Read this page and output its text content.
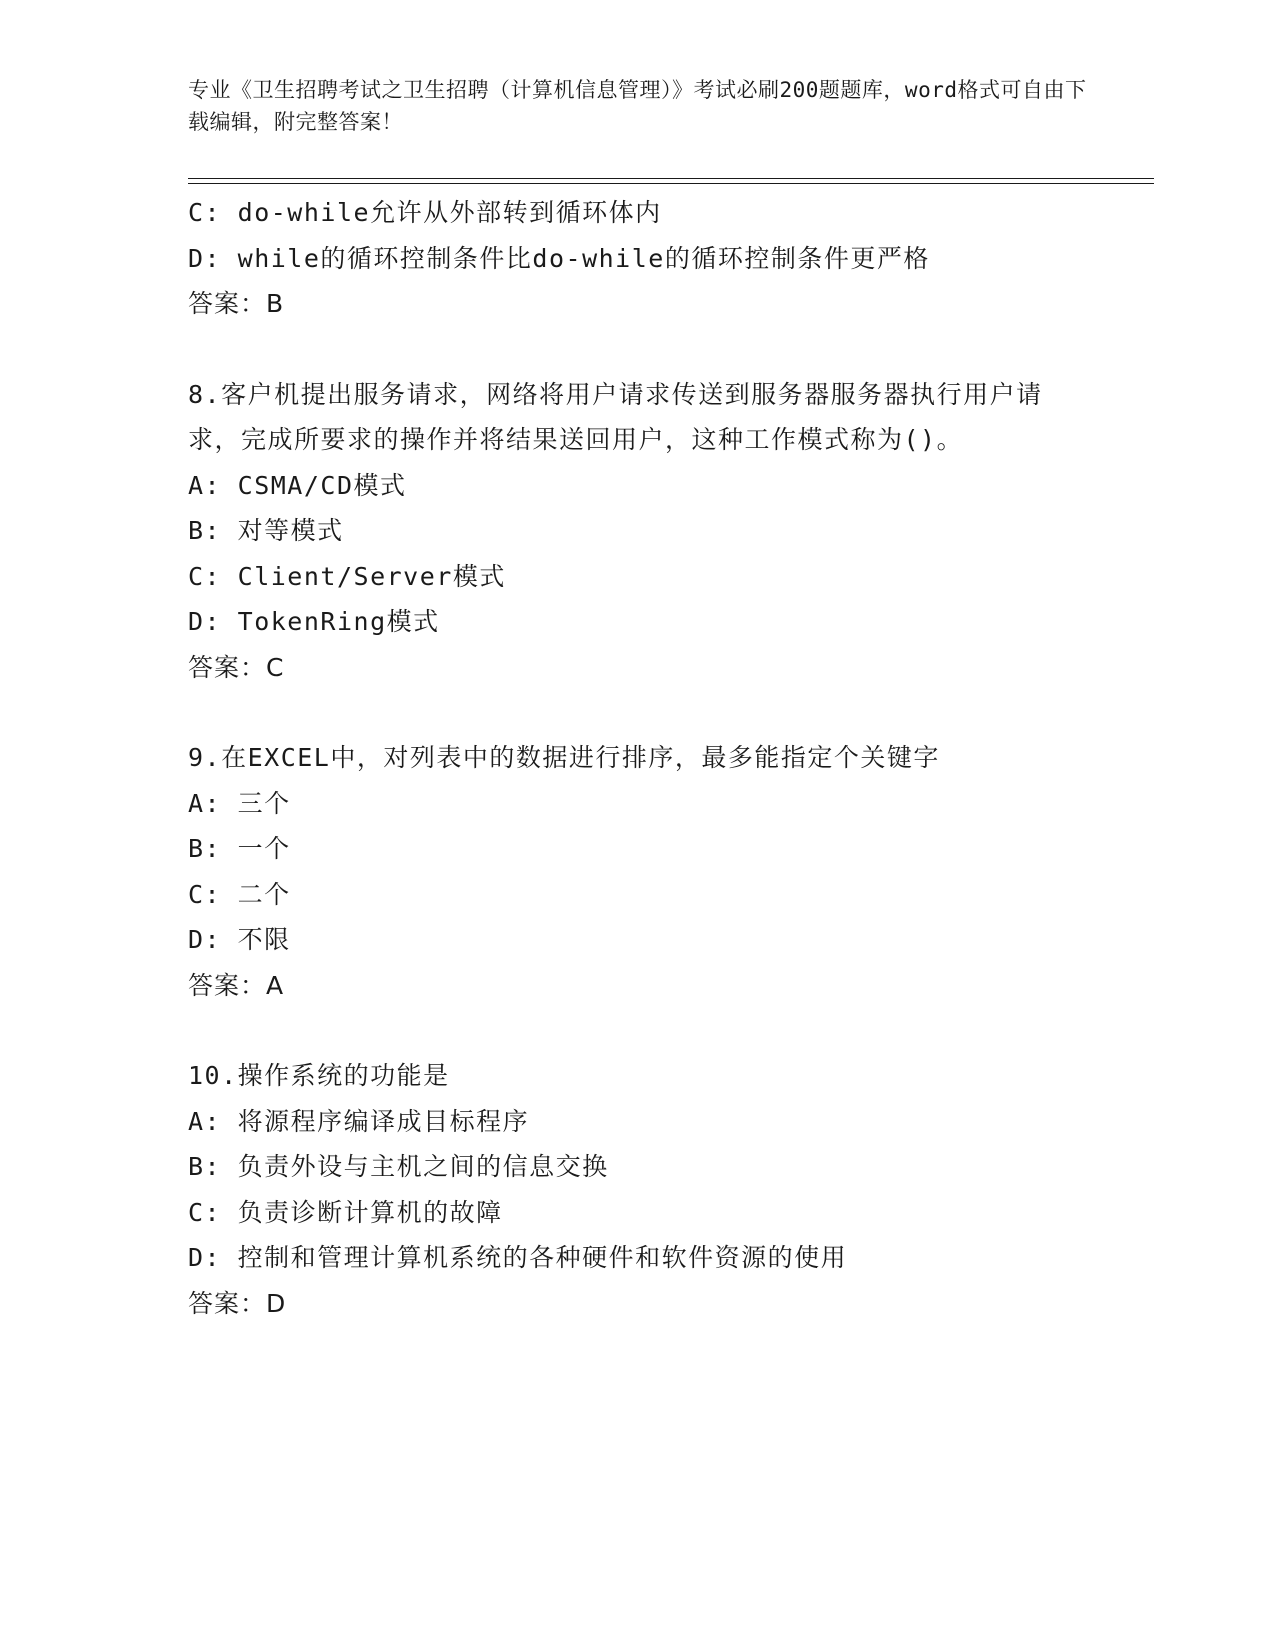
专业《卫生招聘考试之卫生招聘（计算机信息管理）》考试必刷200题题库，word格式可自由下载编辑，附完整答案！
C: do-while允许从外部转到循环体内
D: while的循环控制条件比do-while的循环控制条件更严格
答案：B
8.客户机提出服务请求，网络将用户请求传送到服务器服务器执行用户请求，完成所要求的操作并将结果送回用户，这种工作模式称为()。
A: CSMA/CD模式
B: 对等模式
C: Client/Server模式
D: TokenRing模式
答案：C
9.在EXCEL中，对列表中的数据进行排序，最多能指定个关键字
A: 三个
B: 一个
C: 二个
D: 不限
答案：A
10.操作系统的功能是
A: 将源程序编译成目标程序
B: 负责外设与主机之间的信息交换
C: 负责诊断计算机的故障
D: 控制和管理计算机系统的各种硬件和软件资源的使用
答案：D
